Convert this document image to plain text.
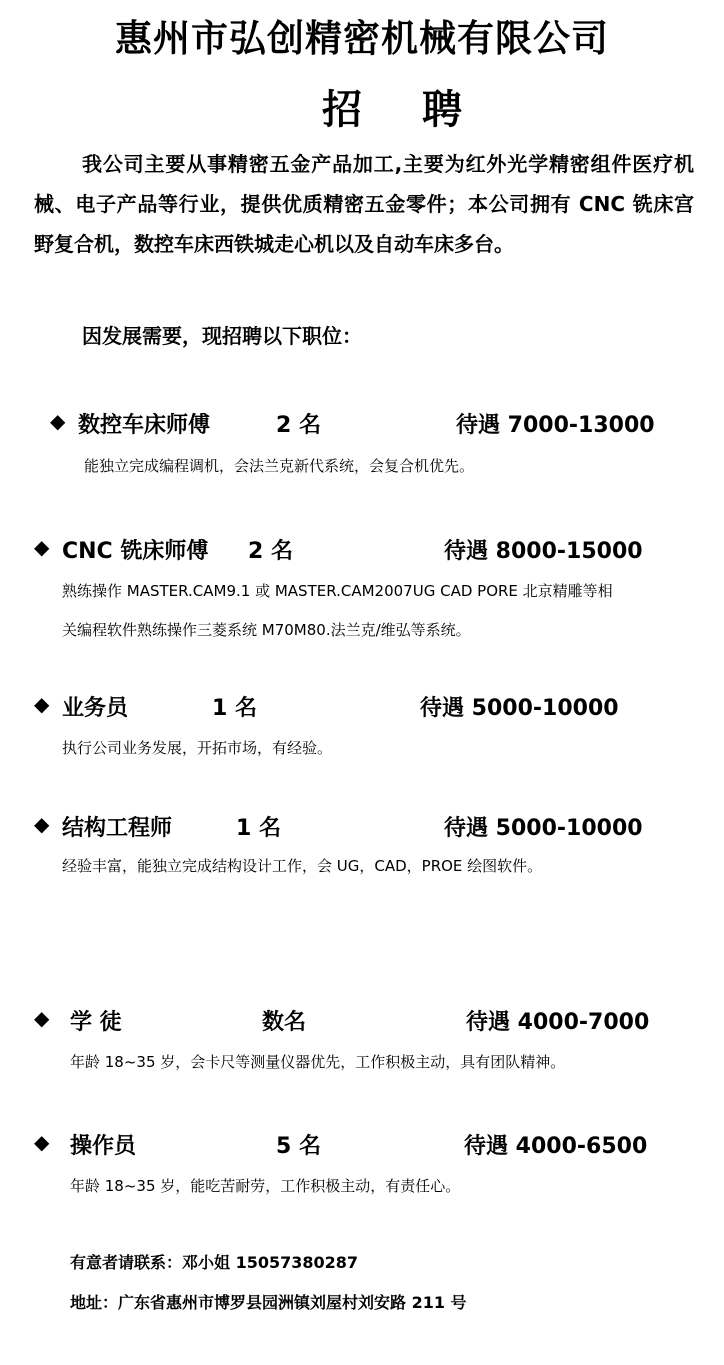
惠州市弘创精密机械有限公司
招聘
我公司主要从事精密五金产品加工,主要为红外光学精密组件医疗机械、电子产品等行业，提供优质精密五金零件；本公司拥有 CNC 铣床宫野复合机，数控车床西铁城走心机以及自动车床多台。
因发展需要，现招聘以下职位：
◆ 数控车床师傅	2 名	待遇 7000-13000
能独立完成编程调机，会法兰克新代系统，会复合机优先。
◆ CNC 铣床师傅 2 名	待遇 8000-15000
熟练操作 MASTER.CAM9.1 或 MASTER.CAM2007UG CAD PORE 北京精雕等相
关编程软件熟练操作三菱系统 M70M80.法兰克/维弘等系统。
◆ 业务员	1 名	待遇 5000-10000
执行公司业务发展，开拓市场，有经验。
◆ 结构工程师	1 名	待遇 5000-10000
经验丰富，能独立完成结构设计工作，会 UG，CAD，PROE 绘图软件。
◆ 学 徒	数名	待遇 4000-7000
年龄 18~35 岁，会卡尺等测量仪器优先，工作积极主动，具有团队精神。
◆ 操作员	5 名	待遇 4000-6500
年龄 18~35 岁，能吃苦耐劳，工作积极主动，有责任心。
有意者请联系：邓小姐 15057380287
地址：广东省惠州市博罗县园洲镇刘屋村刘安路 211 号
